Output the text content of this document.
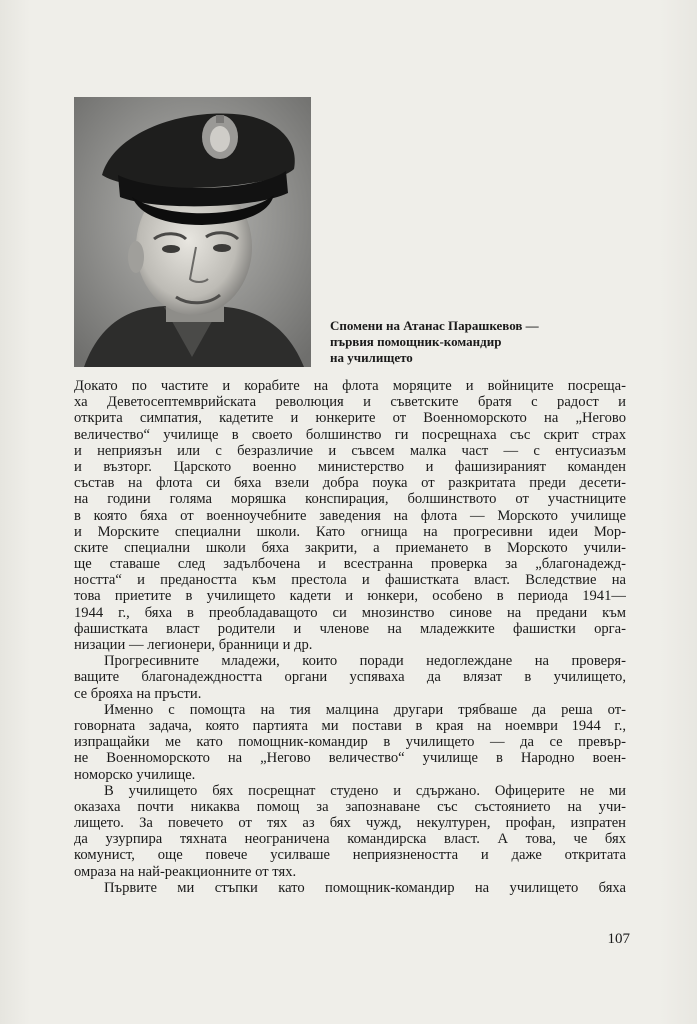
Спомени на Атанас Парашкевов —
първия помощник-командир
на училището
Докато по частите и корабите на флота моряците и войниците посреща-
ха Деветосептемврийската революция и съветските братя с радост и
открита симпатия, кадетите и юнкерите от Военноморското на „Негово
величество“ училище в своето болшинство ги посрещнаха със скрит страх
и неприязън или с безразличие и съвсем малка част — с ентусиазъм
и възторг. Царското военно министерство и фашизираният команден
състав на флота си бяха взели добра поука от разкритата преди десети-
на години голяма моряшка конспирация, болшинството от участниците
в която бяха от военноучебните заведения на флота — Морското училище
и Морските специални школи. Като огнища на прогресивни идеи Мор-
ските специални школи бяха закрити, а приемането в Морското учили-
ще ставаше след задълбочена и всестранна проверка за „благонадежд-
ността“ и предаността към престола и фашистката власт. Вследствие на
това приетите в училището кадети и юнкери, особено в периода 1941—
1944 г., бяха в преобладаващото си мнозинство синове на предани към
фашистката власт родители и членове на младежките фашистки орга-
низации — легионери, бранници и др.
Прогресивните младежи, които поради недоглеждане на проверя-
ващите благонадеждността органи успяваха да влязат в училището,
се брояха на пръсти.
Именно с помощта на тия малцина другари трябваше да реша от-
говорната задача, която партията ми постави в края на ноември 1944 г.,
изпращайки ме като помощник-командир в училището — да се превър-
не Военноморското на „Негово величество“ училище в Народно воен-
номорско училище.
В училището бях посрещнат студено и сдържано. Офицерите не ми
оказаха почти никаква помощ за запознаване със състоянието на учи-
лището. За повечето от тях аз бях чужд, некултурен, профан, изпратен
да узурпира тяхната неограничена командирска власт. А това, че бях
комунист, още повече усилваше неприязнеността и даже откритата
омраза на най-реакционните от тях.
Първите ми стъпки като помощник-командир на училището бяха
107
